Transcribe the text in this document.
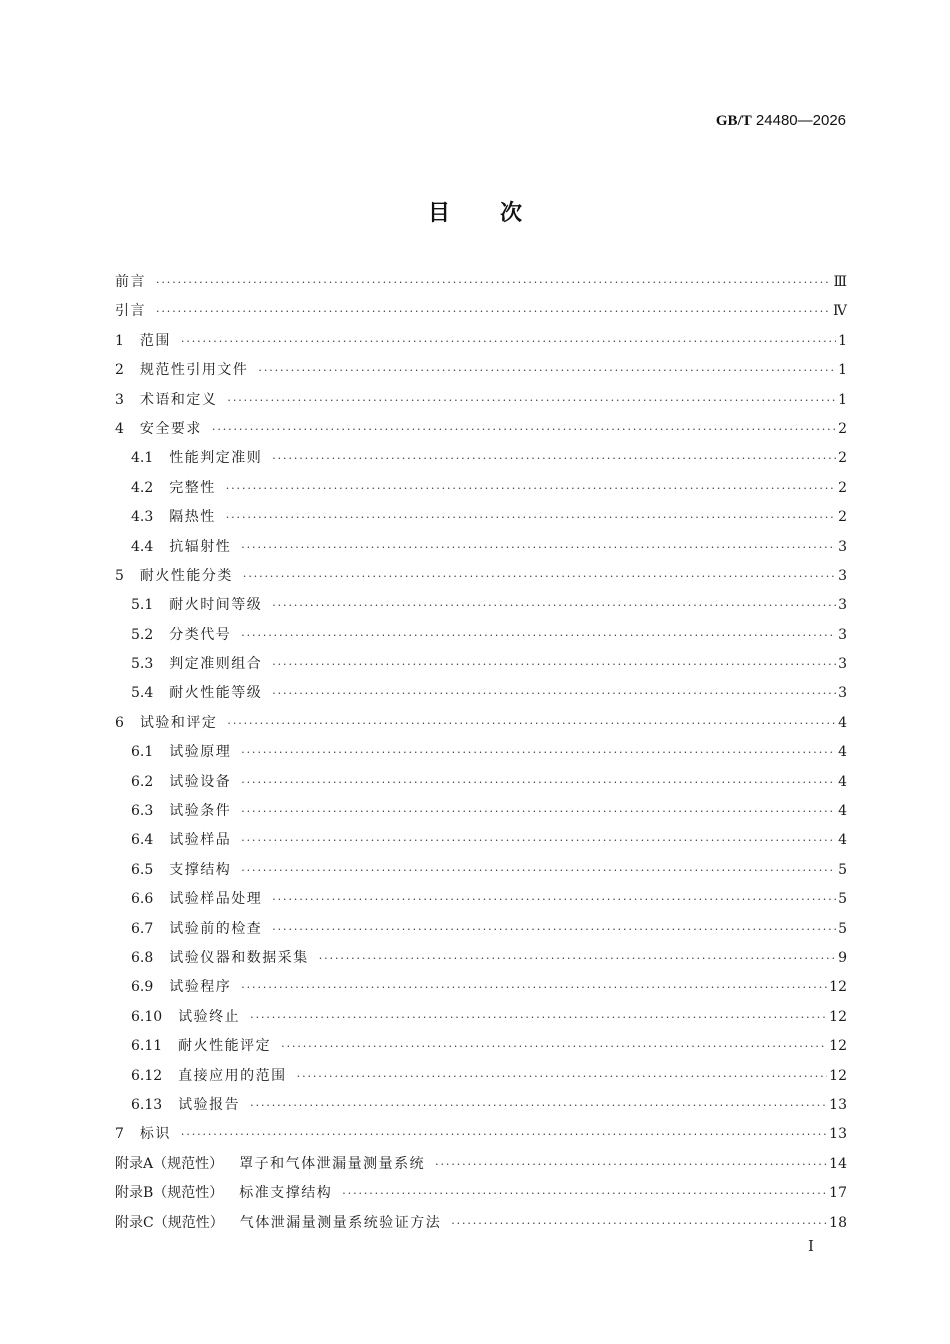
GB/T 24480—2026
目次
前言 ·····	Ⅲ
引言 ·····	Ⅳ
1 范围 ·····	1
2 规范性引用文件 ·····	1
3 术语和定义 ·····	1
4 安全要求 ·····	2
4.1 性能判定准则 ·····	2
4.2 完整性 ·····	2
4.3 隔热性 ·····	2
4.4 抗辐射性 ·····	3
5 耐火性能分类 ·····	3
5.1 耐火时间等级 ·····	3
5.2 分类代号 ·····	3
5.3 判定准则组合 ·····	3
5.4 耐火性能等级 ·····	3
6 试验和评定 ·····	4
6.1 试验原理 ·····	4
6.2 试验设备 ·····	4
6.3 试验条件 ·····	4
6.4 试验样品 ·····	4
6.5 支撑结构 ·····	5
6.6 试验样品处理 ·····	5
6.7 试验前的检查 ·····	5
6.8 试验仪器和数据采集 ·····	9
6.9 试验程序 ·····	12
6.10 试验终止 ·····	12
6.11 耐火性能评定 ·····	12
6.12 直接应用的范围 ·····	12
6.13 试验报告 ·····	13
7 标识 ·····	13
附录A（规范性） 罩子和气体泄漏量测量系统 ·····	14
附录B（规范性） 标准支撑结构 ·····	17
附录C（规范性） 气体泄漏量测量系统验证方法 ·····	18
Ⅰ
